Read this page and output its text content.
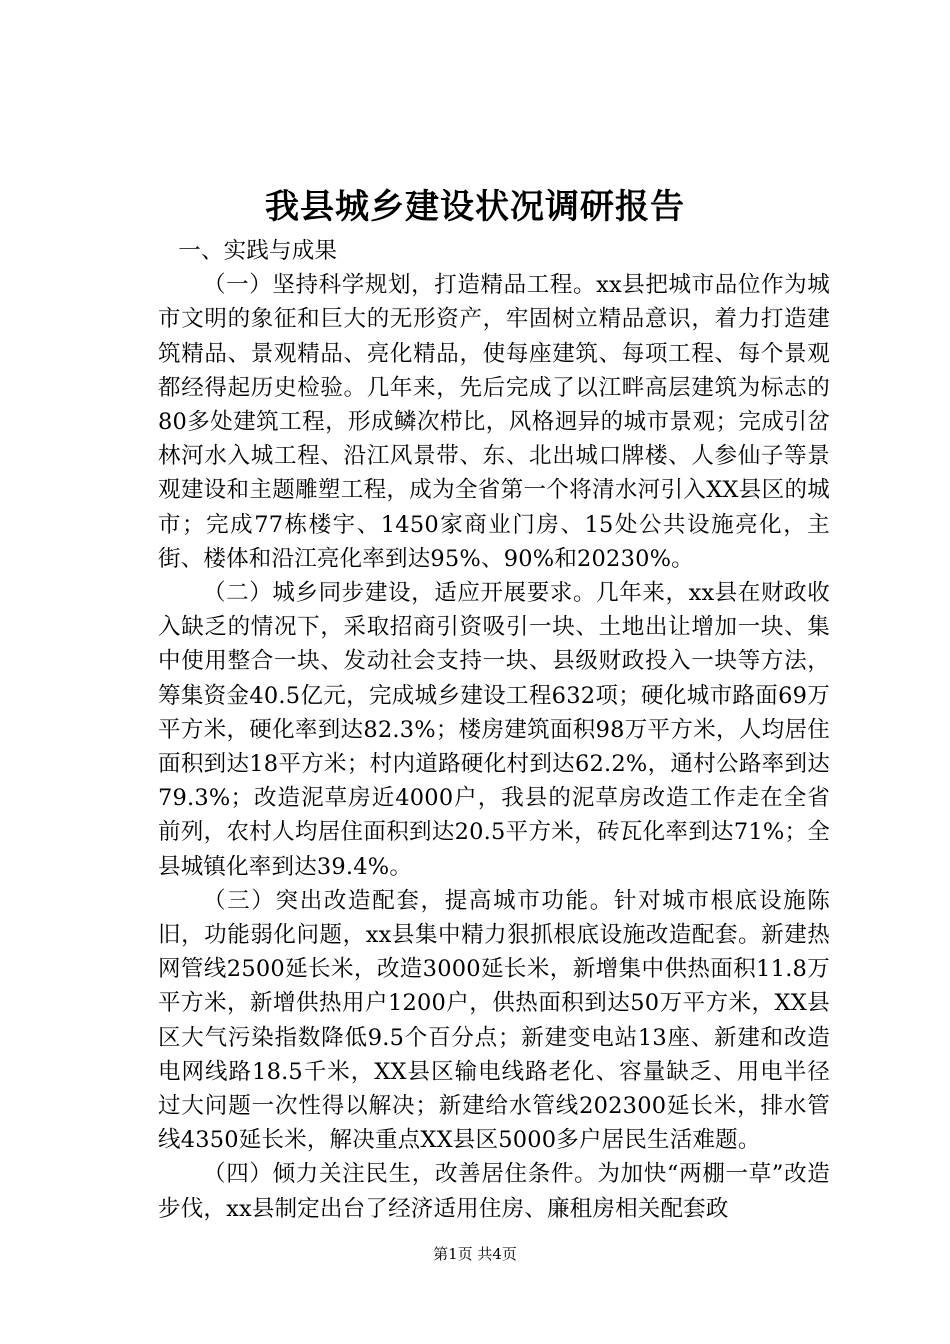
我县城乡建设状况调研报告

一、实践与成果

（一）坚持科学规划，打造精品工程。xx县把城市品位作为城市文明的象征和巨大的无形资产，牢固树立精品意识，着力打造建筑精品、景观精品、亮化精品，使每座建筑、每项工程、每个景观都经得起历史检验。几年来，先后完成了以江畔高层建筑为标志的80多处建筑工程，形成鳞次栉比，风格迥异的城市景观；完成引岔林河水入城工程、沿江风景带、东、北出城口牌楼、人参仙子等景观建设和主题雕塑工程，成为全省第一个将清水河引入XX县区的城市；完成77栋楼宇、1450家商业门房、15处公共设施亮化，主街、楼体和沿江亮化率到达95%、90%和20230%。

（二）城乡同步建设，适应开展要求。几年来，xx县在财政收入缺乏的情况下，采取招商引资吸引一块、土地出让增加一块、集中使用整合一块、发动社会支持一块、县级财政投入一块等方法，筹集资金40.5亿元，完成城乡建设工程632项；硬化城市路面69万平方米，硬化率到达82.3%；楼房建筑面积98万平方米，人均居住面积到达18平方米；村内道路硬化村到达62.2%，通村公路率到达79.3%；改造泥草房近4000户，我县的泥草房改造工作走在全省前列，农村人均居住面积到达20.5平方米，砖瓦化率到达71%；全县城镇化率到达39.4%。

（三）突出改造配套，提高城市功能。针对城市根底设施陈旧，功能弱化问题，xx县集中精力狠抓根底设施改造配套。新建热网管线2500延长米，改造3000延长米，新增集中供热面积11.8万平方米，新增供热用户1200户，供热面积到达50万平方米，XX县区大气污染指数降低9.5个百分点；新建变电站13座、新建和改造电网线路18.5千米，XX县区输电线路老化、容量缺乏、用电半径过大问题一次性得以解决；新建给水管线202300延长米，排水管线4350延长米，解决重点XX县区5000多户居民生活难题。

（四）倾力关注民生，改善居住条件。为加快“两棚一草”改造步伐，xx县制定出台了经济适用住房、廉租房相关配套政

第1页 共4页
